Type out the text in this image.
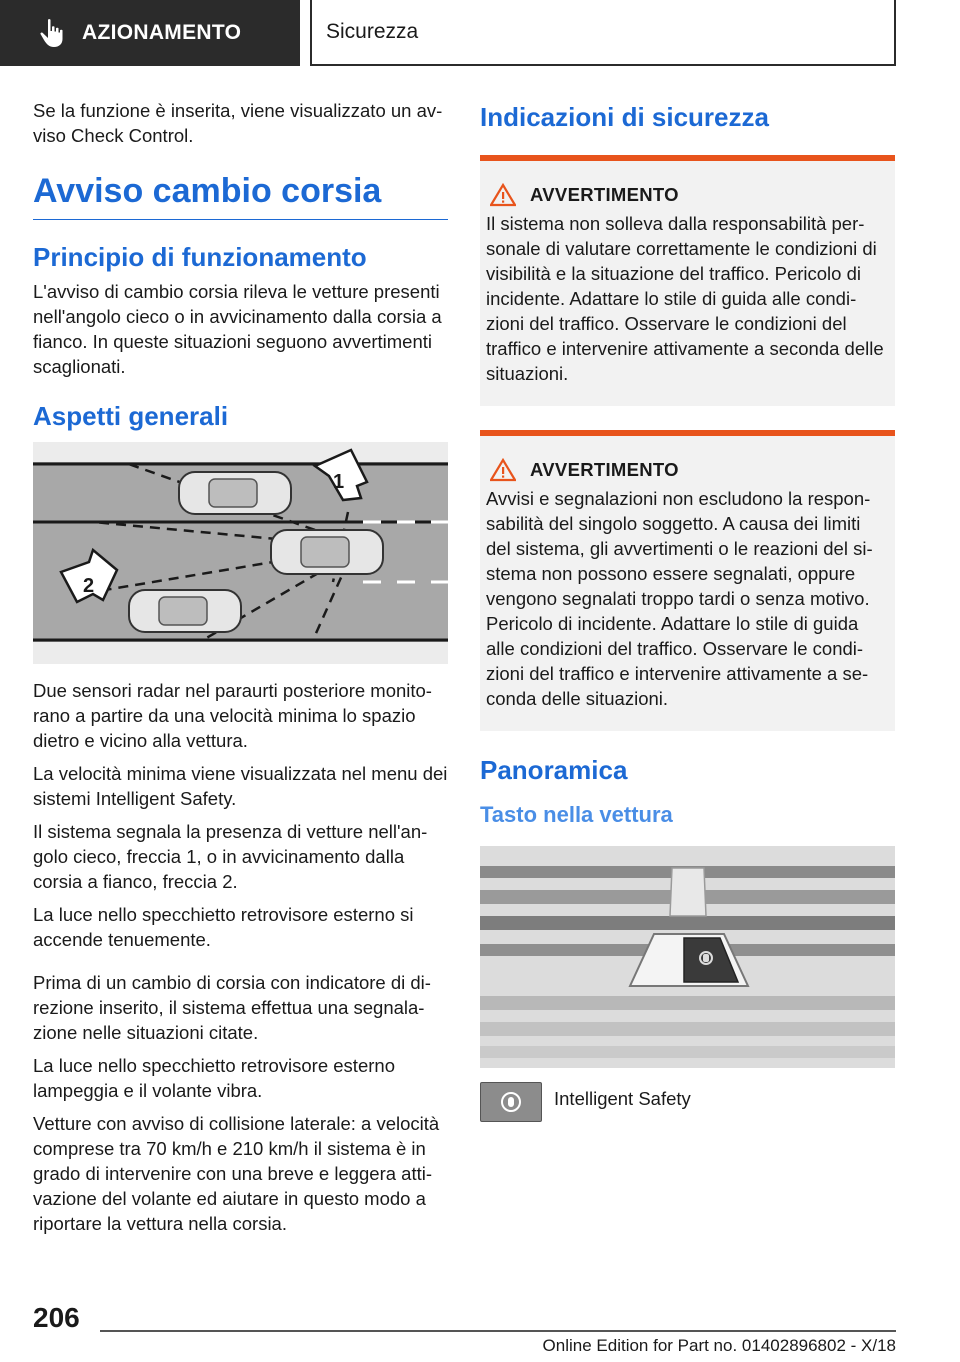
AZIONAMENTO	Sicurezza

Se la funzione è inserita, viene visualizzato un av-viso Check Control.

Avviso cambio corsia
Principio di funzionamento

L'avviso di cambio corsia rileva le vetture presenti nell'angolo cieco o in avvicinamento dalla corsia a fianco. In queste situazioni seguono avvertimenti scaglionati.

Aspetti generali
1
2

Due sensori radar nel paraurti posteriore monito-rano a partire da una velocità minima lo spazio dietro e vicino alla vettura.

La velocità minima viene visualizzata nel menu dei sistemi Intelligent Safety.

Il sistema segnala la presenza di vetture nell'an-golo cieco, freccia 1, o in avvicinamento dalla corsia a fianco, freccia 2.

La luce nello specchietto retrovisore esterno si accende tenuemente.

Prima di un cambio di corsia con indicatore di di-rezione inserito, il sistema effettua una segnala-zione nelle situazioni citate.

La luce nello specchietto retrovisore esterno lampeggia e il volante vibra.

Vetture con avviso di collisione laterale: a velocità comprese tra 70 km/h e 210 km/h il sistema è in grado di intervenire con una breve e leggera atti-vazione del volante ed aiutare in questo modo a riportare la vettura nella corsia.

Indicazioni di sicurezza
AVVERTIMENTO

Il sistema non solleva dalla responsabilità per-sonale di valutare correttamente le condizioni di visibilità e la situazione del traffico. Pericolo di incidente. Adattare lo stile di guida alle condi-zioni del traffico. Osservare le condizioni del traffico e intervenire attivamente a seconda delle situazioni.

AVVERTIMENTO

Avvisi e segnalazioni non escludono la respon-sabilità del singolo soggetto. A causa dei limiti del sistema, gli avvertimenti o le reazioni del si-stema non possono essere segnalati, oppure vengono segnalati troppo tardi o senza motivo. Pericolo di incidente. Adattare lo stile di guida alle condizioni del traffico. Osservare le condi-zioni del traffico e intervenire attivamente a se-conda delle situazioni.

Panoramica
Tasto nella vettura
Intelligent Safety
206
Online Edition for Part no. 01402896802 - X/18
